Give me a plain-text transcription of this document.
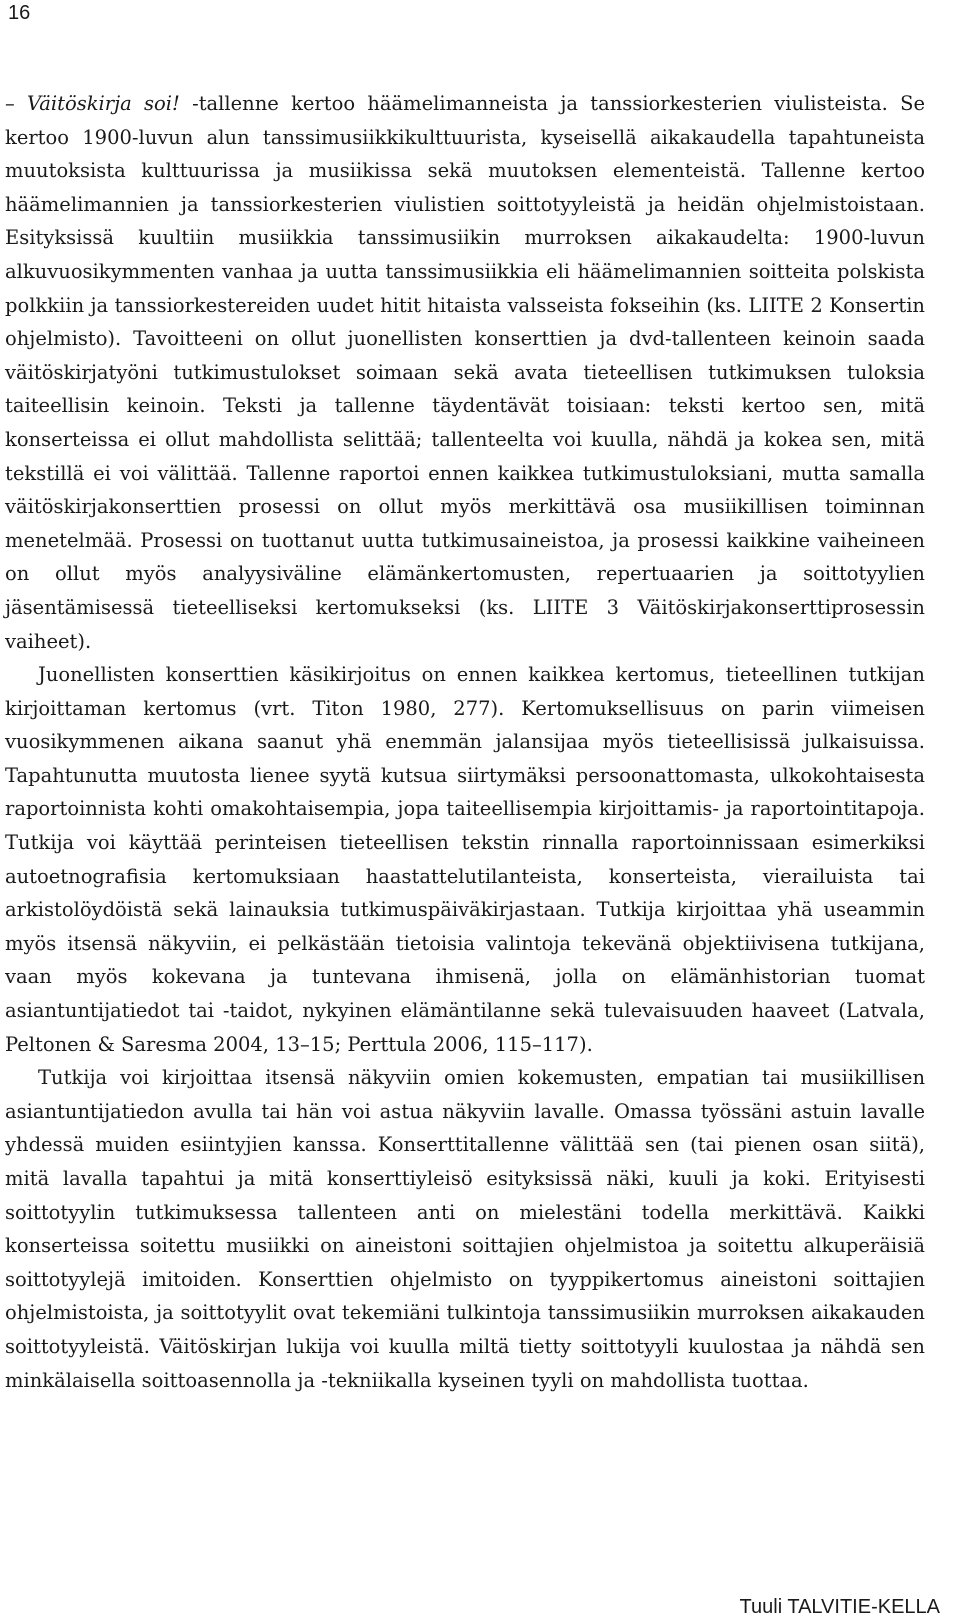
16

– Väitöskirja soi! -tallenne kertoo häämelimanneista ja tanssiorkesterien viulisteista. Se kertoo 1900-luvun alun tanssimusiikkikulttuurista, kyseisellä aikakaudella tapahtuneista muutoksista kulttuurissa ja musiikissa sekä muutoksen elementeistä. Tallenne kertoo häämelimannien ja tanssiorkesterien viulistien soittotyyleistä ja heidän ohjelmistoistaan. Esityksissä kuultiin musiikkia tanssimusiikin murroksen aikakaudelta: 1900-luvun alkuvuosikymmenten vanhaa ja uutta tanssimusiikkia eli häämelimannien soitteita polskista polkkiin ja tanssiorkestereiden uudet hitit hitaista valsseista fokseihin (ks. LIITE 2 Konsertin ohjelmisto). Tavoitteeni on ollut juonellisten konserttien ja dvd-tallenteen keinoin saada väitöskirjatyöni tutkimustulokset soimaan sekä avata tieteellisen tutkimuksen tuloksia taiteellisin keinoin. Teksti ja tallenne täydentävät toisiaan: teksti kertoo sen, mitä konserteissa ei ollut mahdollista selittää; tallenteelta voi kuulla, nähdä ja kokea sen, mitä tekstillä ei voi välittää. Tallenne raportoi ennen kaikkea tutkimustuloksiani, mutta samalla väitöskirjakonserttien prosessi on ollut myös merkittävä osa musiikillisen toiminnan menetelmää. Prosessi on tuottanut uutta tutkimusaineistoa, ja prosessi kaikkine vaiheineen on ollut myös analyysiväline elämänkertomusten, repertuaarien ja soittotyylien jäsentämisessä tieteelliseksi kertomukseksi (ks. LIITE 3 Väitöskirjakonserttiprosessin vaiheet).

Juonellisten konserttien käsikirjoitus on ennen kaikkea kertomus, tieteellinen tutkijan kirjoittaman kertomus (vrt. Titon 1980, 277). Kertomuksellisuus on parin viimeisen vuosikymmenen aikana saanut yhä enemmän jalansijaa myös tieteellisissä julkaisuissa. Tapahtunutta muutosta lienee syytä kutsua siirtymäksi persoonattomasta, ulkokohtaisesta raportoinnista kohti omakohtaisempia, jopa taiteellisempia kirjoittamis- ja raportointitapoja. Tutkija voi käyttää perinteisen tieteellisen tekstin rinnalla raportoinnissaan esimerkiksi autoetnografisia kertomuksiaan haastattelutilanteista, konserteista, vierailuista tai arkistolöydöistä sekä lainauksia tutkimuspäiväkirjastaan. Tutkija kirjoittaa yhä useammin myös itsensä näkyviin, ei pelkästään tietoisia valintoja tekevänä objektiivisena tutkijana, vaan myös kokevana ja tuntevana ihmisenä, jolla on elämänhistorian tuomat asiantuntijatiedot tai -taidot, nykyinen elämäntilanne sekä tulevaisuuden haaveet (Latvala, Peltonen & Saresma 2004, 13–15; Perttula 2006, 115–117).

Tutkija voi kirjoittaa itsensä näkyviin omien kokemusten, empatian tai musiikillisen asiantuntijatiedon avulla tai hän voi astua näkyviin lavalle. Omassa työssäni astuin lavalle yhdessä muiden esiintyjien kanssa. Konserttitallenne välittää sen (tai pienen osan siitä), mitä lavalla tapahtui ja mitä konserttiyleisö esityksissä näki, kuuli ja koki. Erityisesti soittotyylin tutkimuksessa tallenteen anti on mielestäni todella merkittävä. Kaikki konserteissa soitettu musiikki on aineistoni soittajien ohjelmistoa ja soitettu alkuperäisiä soittotyylejä imitoiden. Konserttien ohjelmisto on tyyppikertomus aineistoni soittajien ohjelmistoista, ja soittotyylit ovat tekemiäni tulkintoja tanssimusiikin murroksen aikakauden soittotyyleistä. Väitöskirjan lukija voi kuulla miltä tietty soittotyyli kuulostaa ja nähdä sen minkälaisella soittoasennolla ja -tekniikalla kyseinen tyyli on mahdollista tuottaa.

Tuuli TALVITIE-KELLA
